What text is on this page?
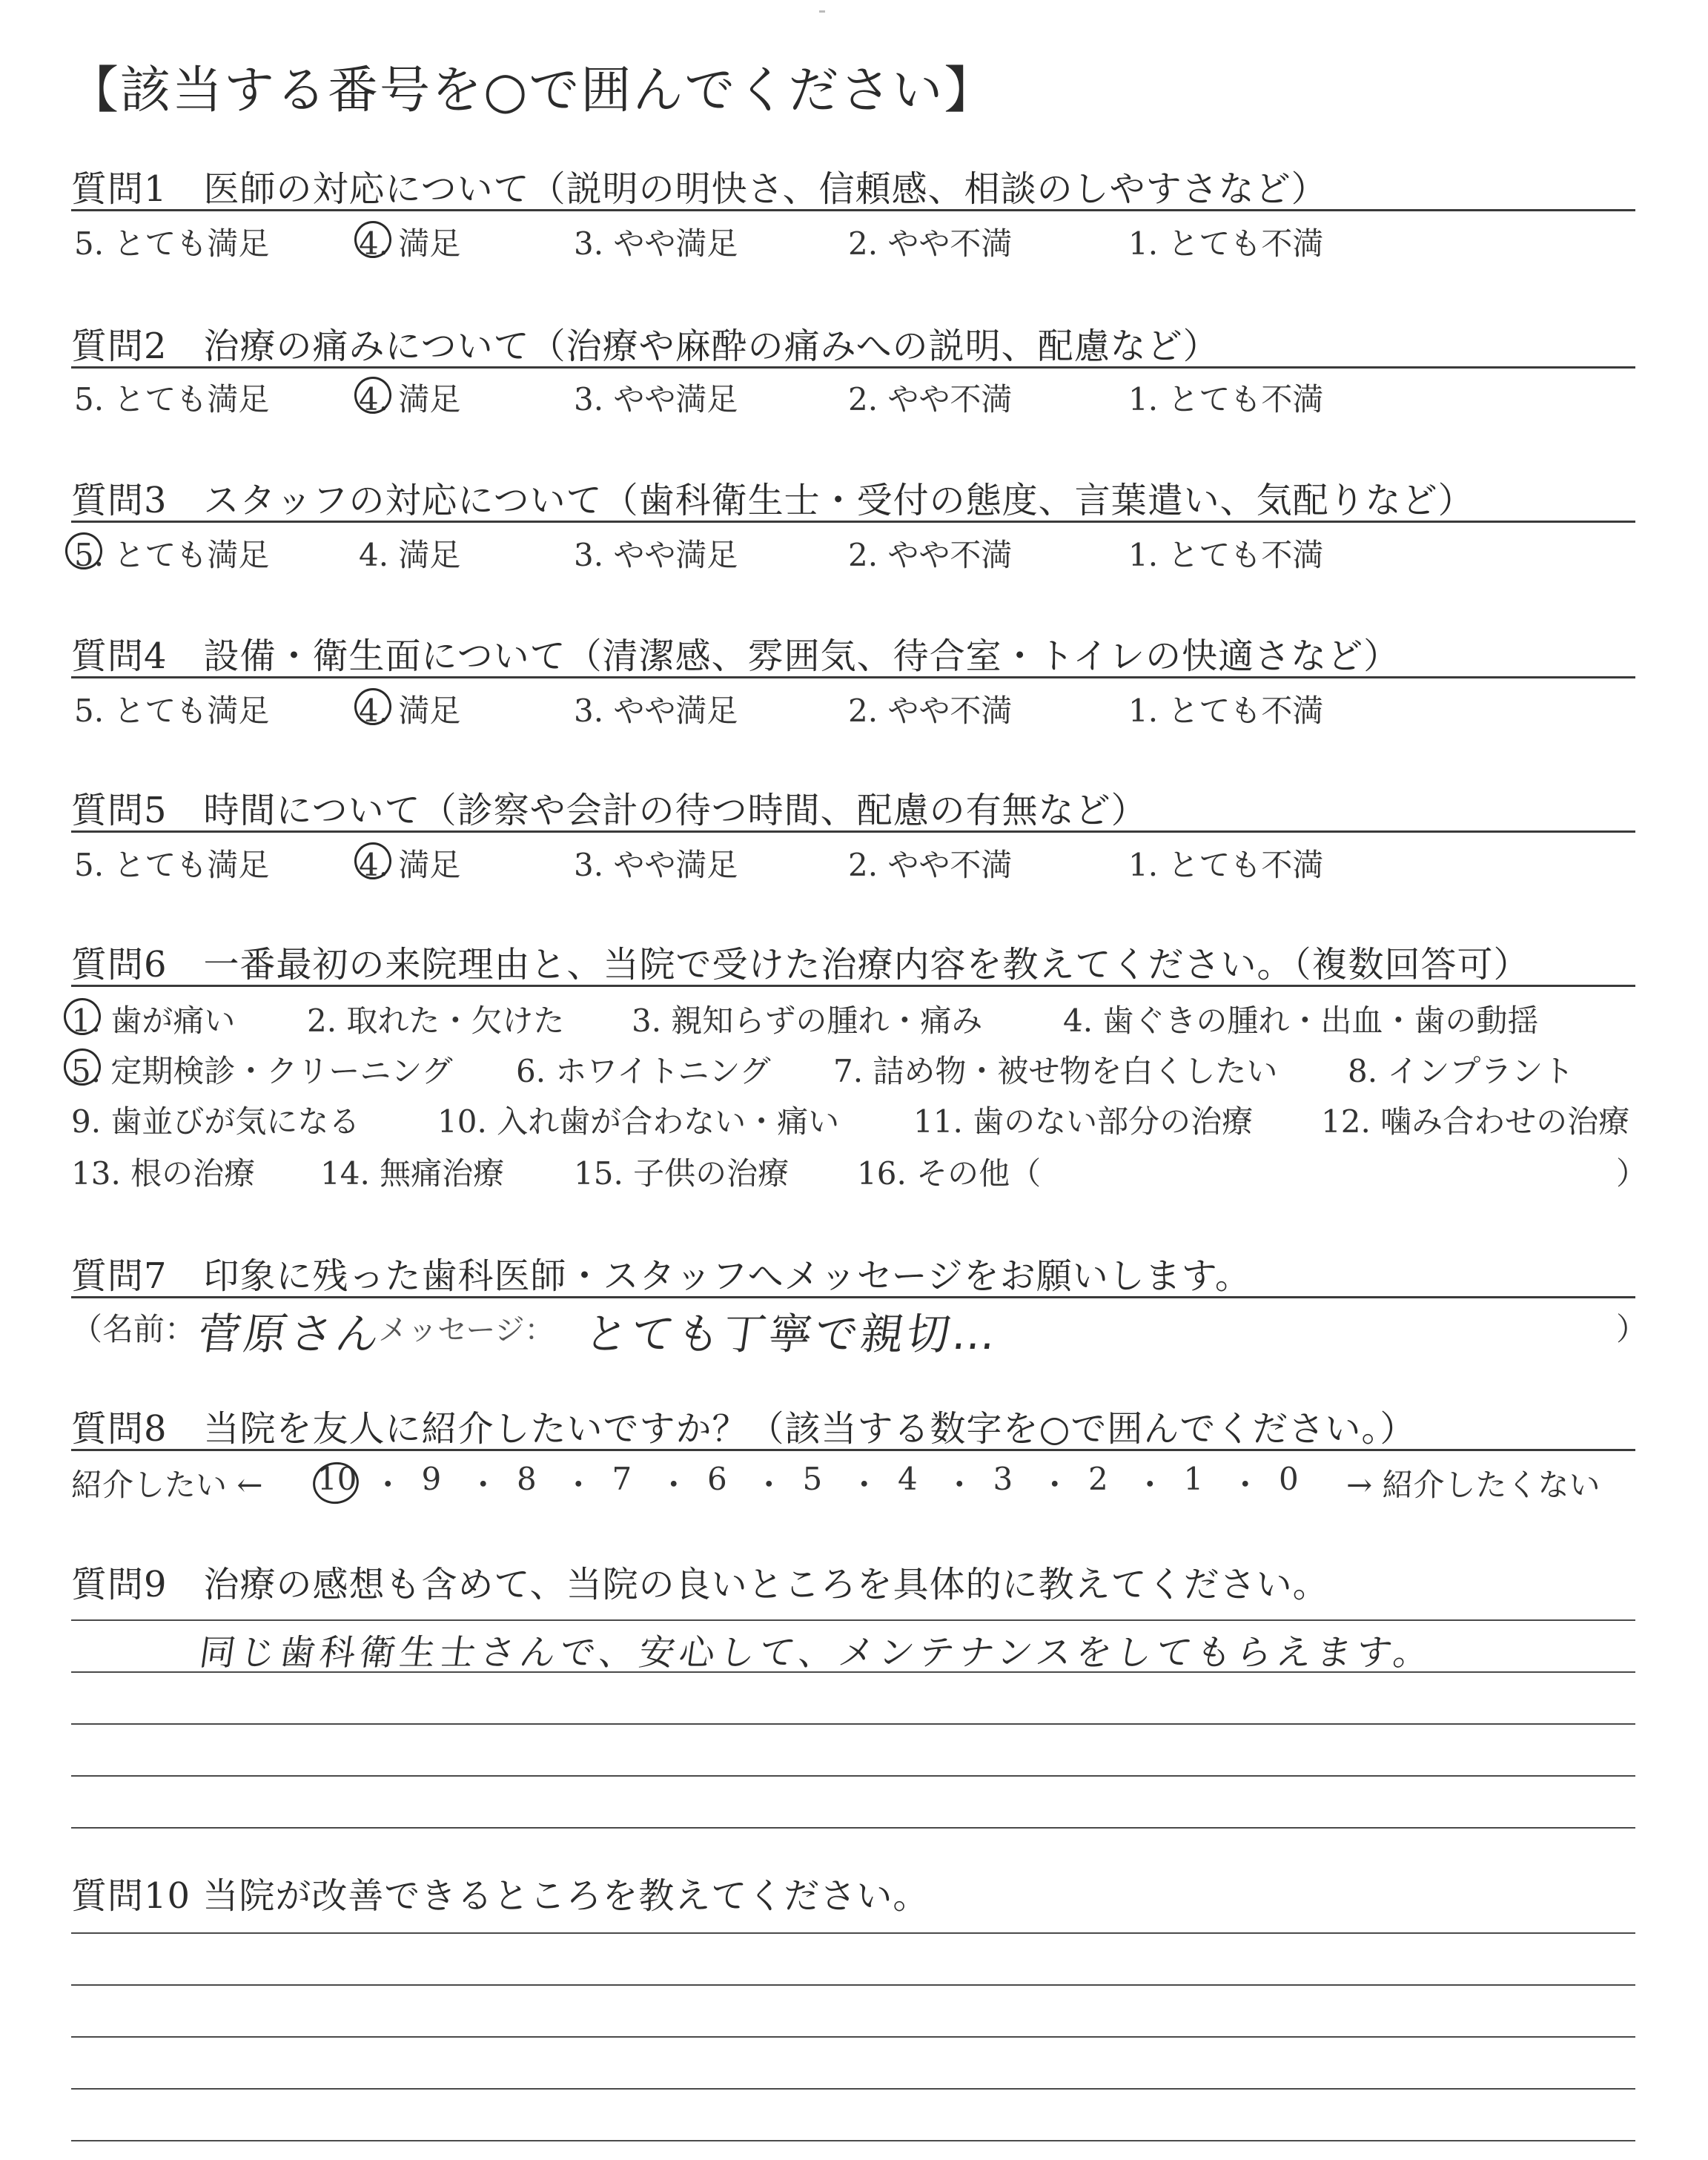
【該当する番号を○で囲んでください】
質問1　医師の対応について（説明の明快さ、信頼感、相談のしやすさなど）
5. とても満足	4. 満足	3. やや満足	2. やや不満	1. とても不満
質問2　治療の痛みについて（治療や麻酔の痛みへの説明、配慮など）
5. とても満足	4. 満足	3. やや満足	2. やや不満	1. とても不満
質問3　スタッフの対応について（歯科衛生士・受付の態度、言葉遣い、気配りなど）
5. とても満足	4. 満足	3. やや満足	2. やや不満	1. とても不満
質問4　設備・衛生面について（清潔感、雰囲気、待合室・トイレの快適さなど）
5. とても満足	4. 満足	3. やや満足	2. やや不満	1. とても不満
質問5　時間について（診察や会計の待つ時間、配慮の有無など）
5. とても満足	4. 満足	3. やや満足	2. やや不満	1. とても不満
質問6　一番最初の来院理由と、当院で受けた治療内容を教えてください。（複数回答可）
1. 歯が痛い 2. 取れた・欠けた 3. 親知らずの腫れ・痛み	4. 歯ぐきの腫れ・出血・歯の動揺
5. 定期検診・クリーニング 6. ホワイトニング 7. 詰め物・被せ物を白くしたい 8. インプラント
9. 歯並びが気になる 10. 入れ歯が合わない・痛い 11. 歯のない部分の治療 12. 噛み合わせの治療
13. 根の治療 14. 無痛治療 15. 子供の治療 16. その他（	）
質問7　印象に残った歯科医師・スタッフへメッセージをお願いします。
（名前：
菅原さん
メッセージ： とても丁寧で親切…	）
質問8　当院を友人に紹介したいですか？（該当する数字を○で囲んでください。）
紹介したい ← 10 ・ 9 ・ 8 ・ 7 ・ 6 ・ 5 ・ 4 ・ 3 ・ 2 ・ 1 ・ 0 → 紹介したくない
質問9　治療の感想も含めて、当院の良いところを具体的に教えてください。
同じ歯科衛生士さんで、安心して、メンテナンスをしてもらえます。
質問10 当院が改善できるところを教えてください。
